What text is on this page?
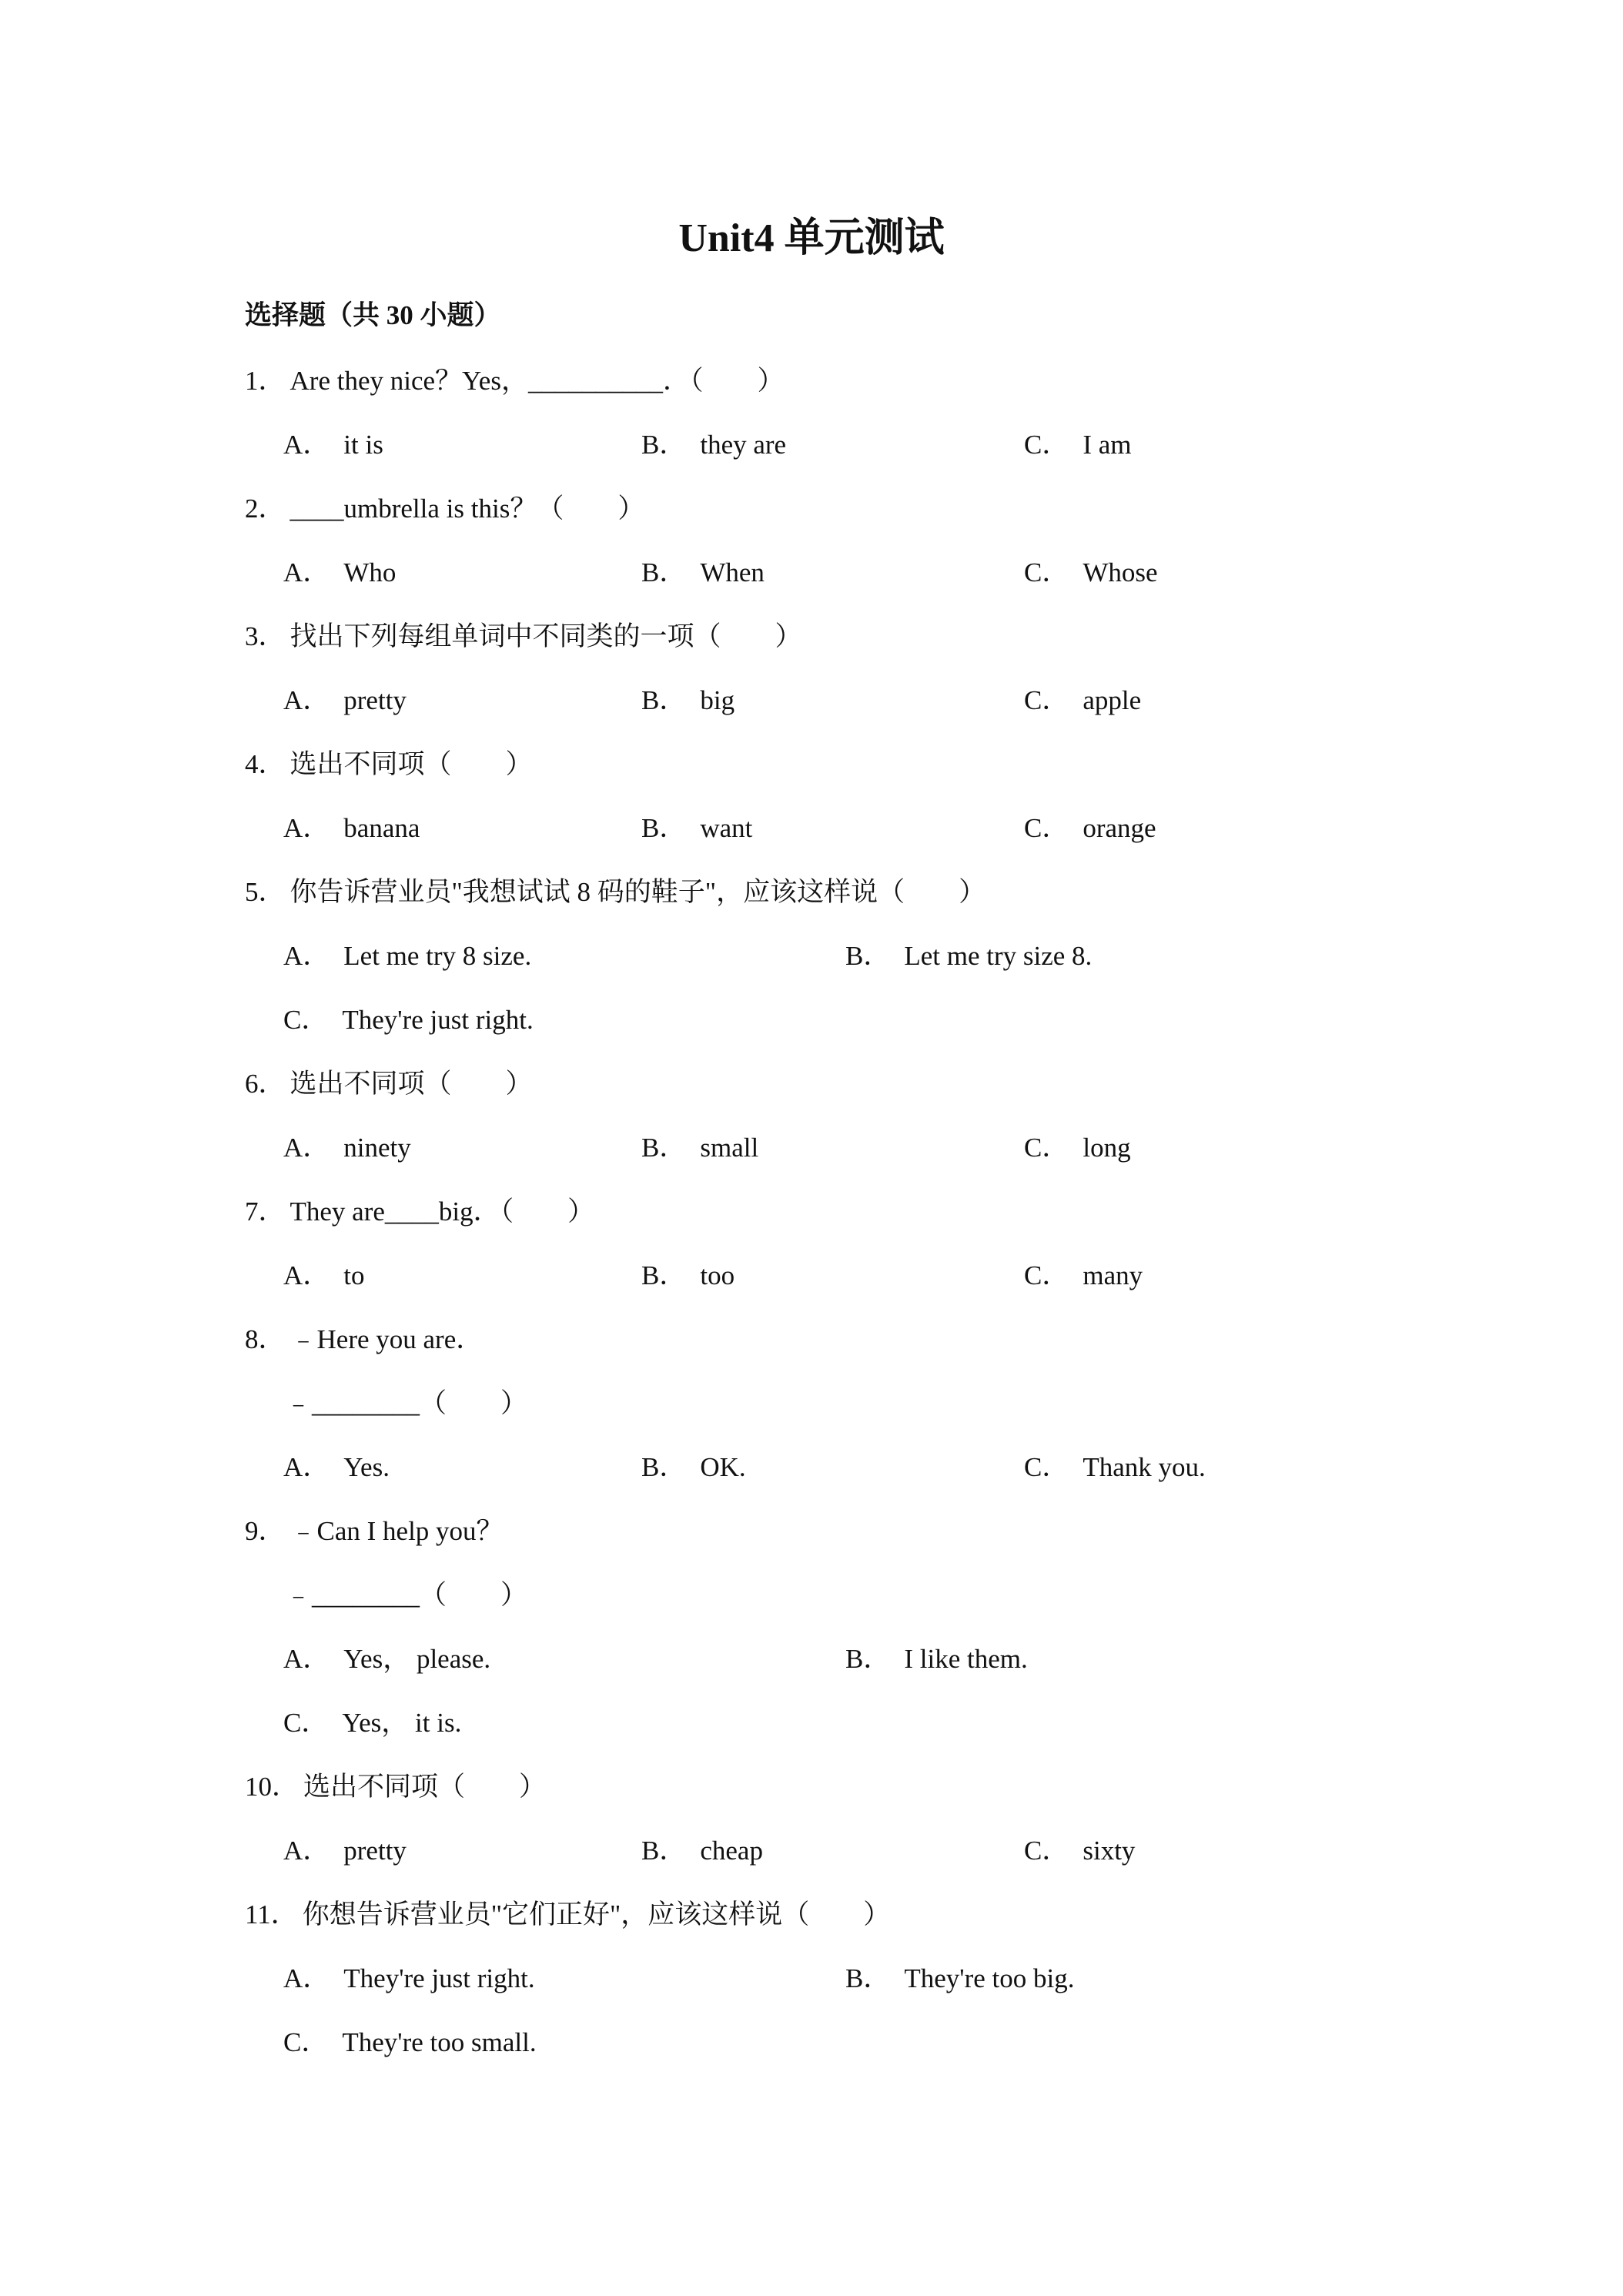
Unit4 单元测试
选择题（共 30 小题）
1． Are they nice？Yes，__________．（　　）
A． it is	B． they are	C． I am
2． ____umbrella is this？（　　）
A． Who	B． When	C． Whose
3． 找出下列每组单词中不同类的一项（　　）
A． pretty	B． big	C． apple
4． 选出不同项（　　）
A． banana	B． want	C． orange
5． 你告诉营业员"我想试试 8 码的鞋子"，应该这样说（　　）
A． Let me try 8 size.	B． Let me try size 8.
C． They're just right.
6． 选出不同项（　　）
A． ninety	B． small	C． long
7． They are____big．（　　）
A． to	B． too	C． many
8． ﹣Here you are．
﹣________（　　）
A． Yes.	B． OK.	C． Thank you.
9． ﹣Can I help you？
﹣________（　　）
A． Yes， please.	B． I like them.
C． Yes， it is.
10． 选出不同项（　　）
A． pretty	B． cheap	C． sixty
11． 你想告诉营业员"它们正好"，应该这样说（　　）
A． They're just right.	B． They're too big.
C． They're too small.
